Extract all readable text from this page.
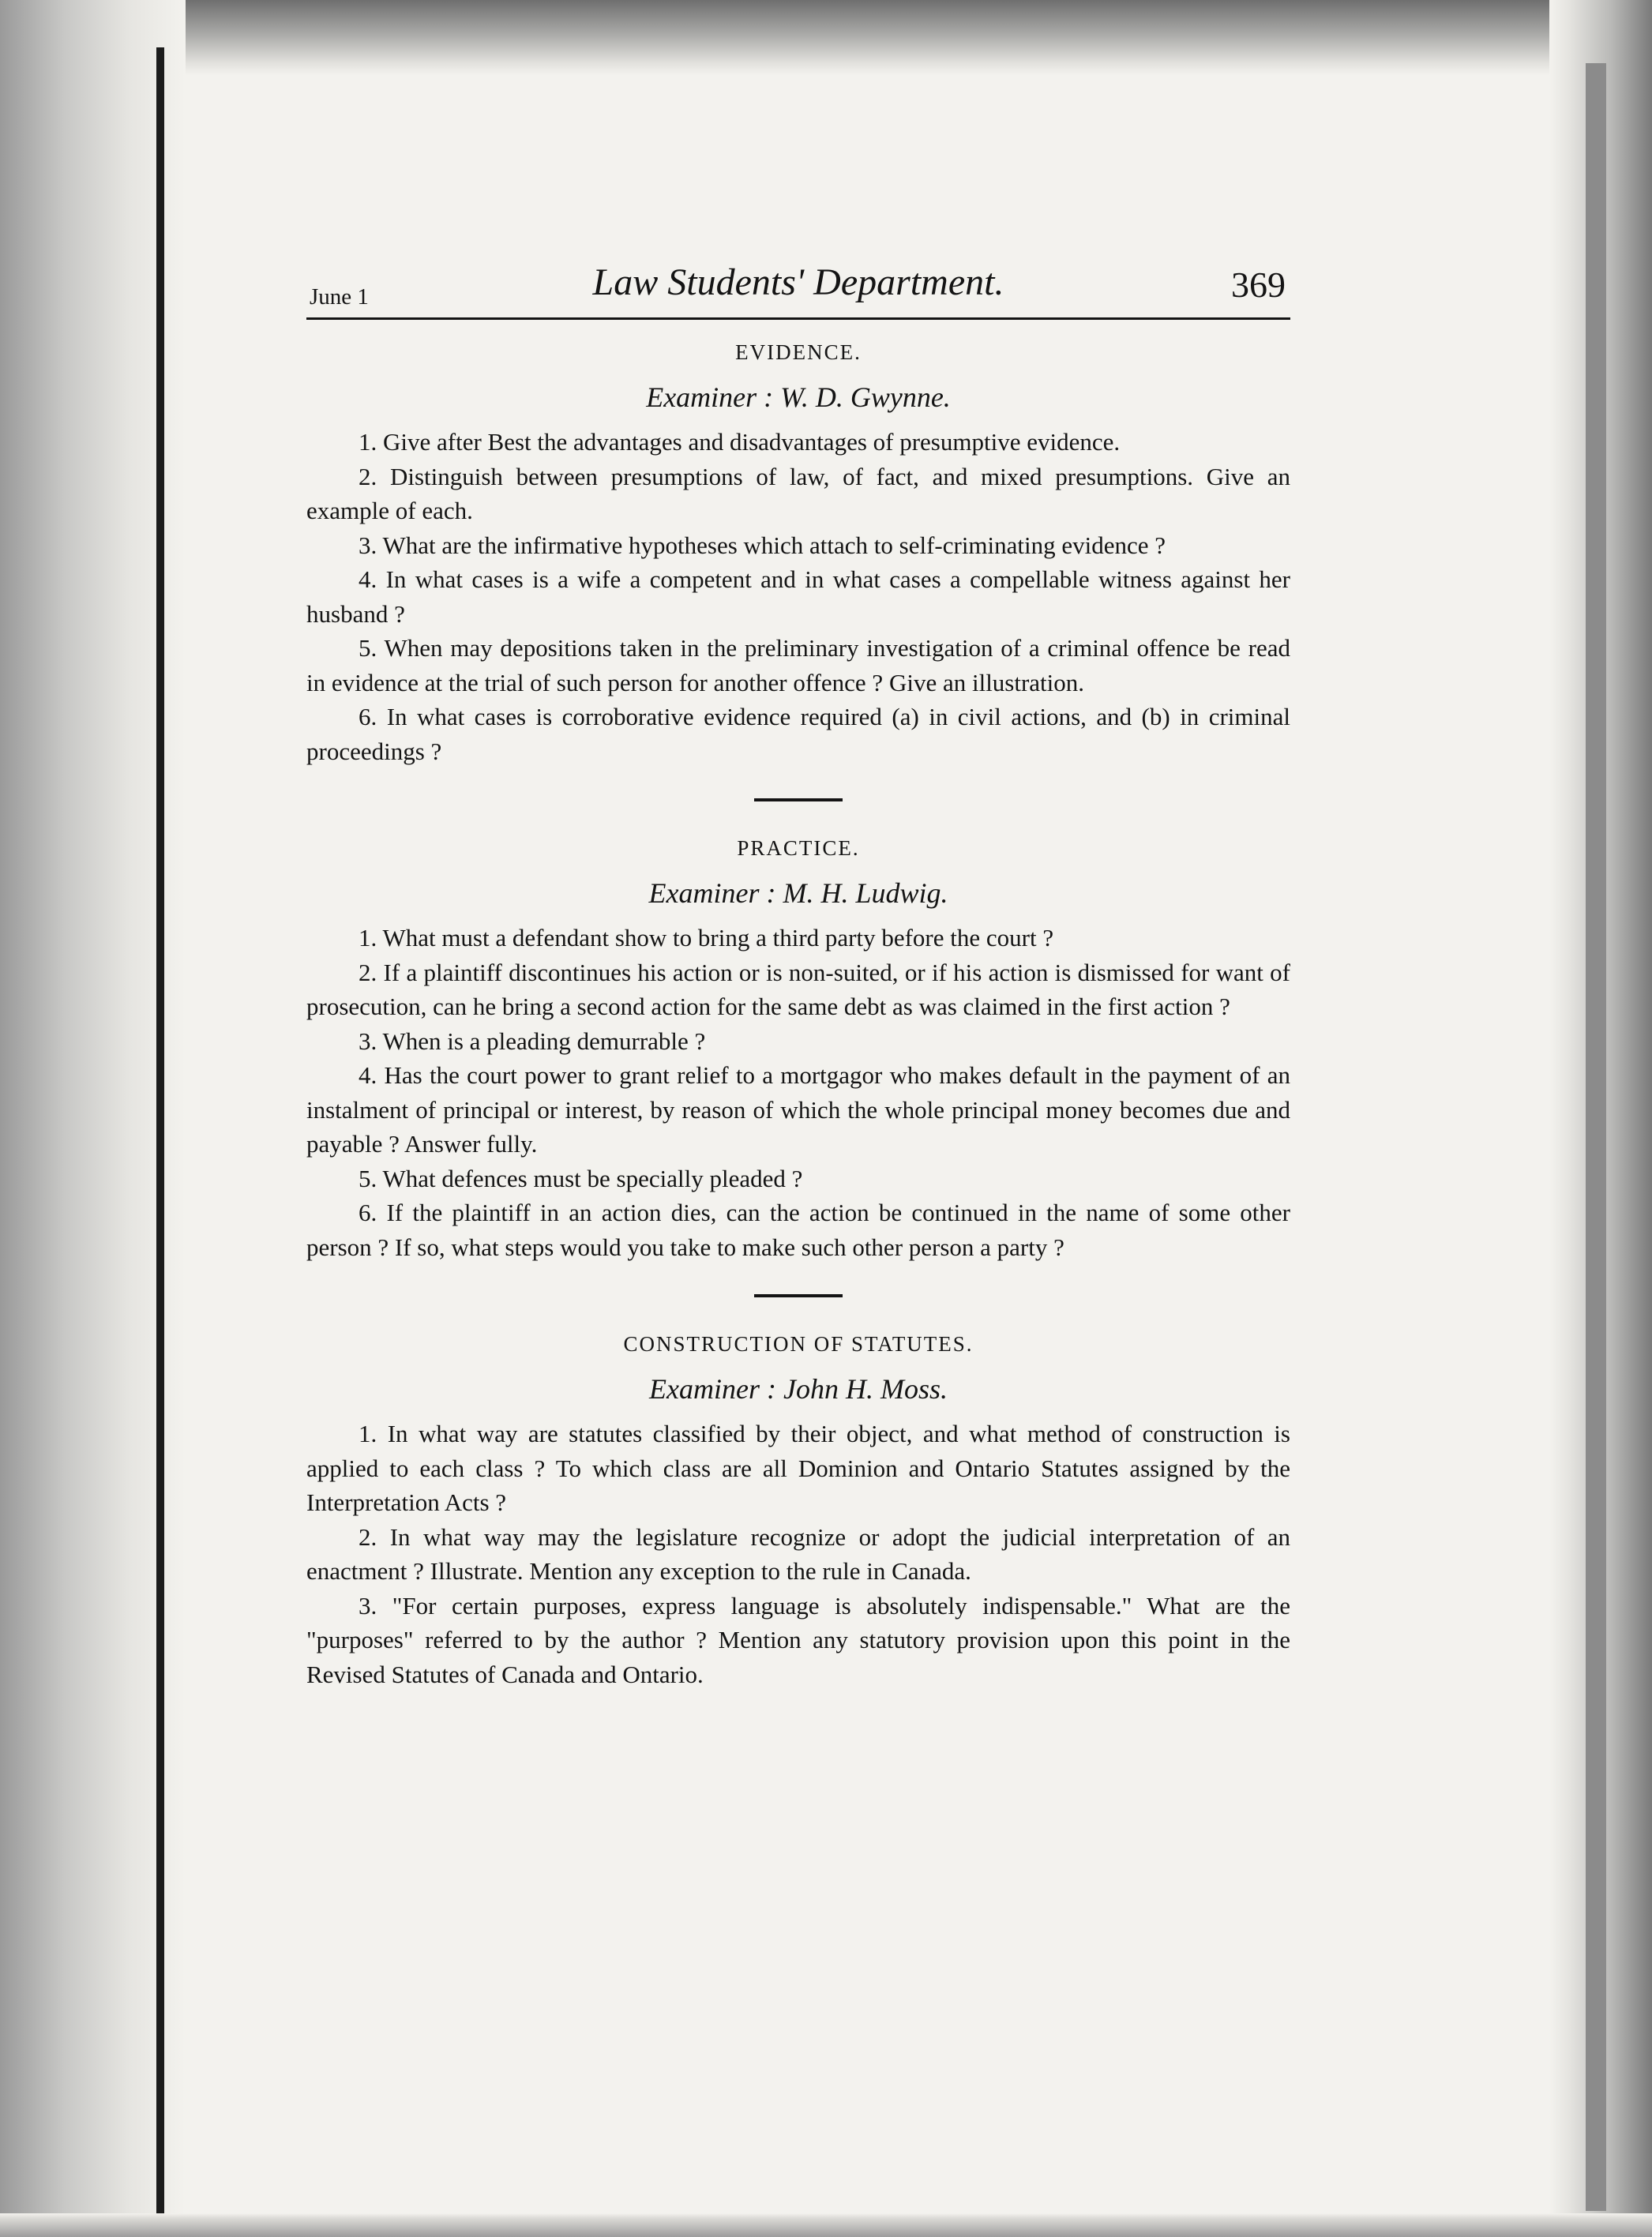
June 1	Law Students' Department.	369
EVIDENCE.
Examiner : W. D. Gwynne.

1. Give after Best the advantages and disadvantages of presumptive evidence.

2. Distinguish between presumptions of law, of fact, and mixed presumptions. Give an example of each.

3. What are the infirmative hypotheses which attach to self-criminating evidence ?

4. In what cases is a wife a competent and in what cases a compellable witness against her husband ?

5. When may depositions taken in the preliminary investigation of a criminal offence be read in evidence at the trial of such person for another offence ? Give an illustration.

6. In what cases is corroborative evidence required (a) in civil actions, and (b) in criminal proceedings ?

PRACTICE.
Examiner : M. H. Ludwig.

1. What must a defendant show to bring a third party before the court ?

2. If a plaintiff discontinues his action or is non-suited, or if his action is dismissed for want of prosecution, can he bring a second action for the same debt as was claimed in the first action ?

3. When is a pleading demurrable ?

4. Has the court power to grant relief to a mortgagor who makes default in the payment of an instalment of principal or interest, by reason of which the whole principal money becomes due and payable ? Answer fully.

5. What defences must be specially pleaded ?

6. If the plaintiff in an action dies, can the action be continued in the name of some other person ? If so, what steps would you take to make such other person a party ?

CONSTRUCTION OF STATUTES.
Examiner : John H. Moss.

1. In what way are statutes classified by their object, and what method of construction is applied to each class ? To which class are all Dominion and Ontario Statutes assigned by the Interpretation Acts ?

2. In what way may the legislature recognize or adopt the judicial interpretation of an enactment ? Illustrate. Mention any exception to the rule in Canada.

3. "For certain purposes, express language is absolutely indispensable." What are the "purposes" referred to by the author ? Mention any statutory provision upon this point in the Revised Statutes of Canada and Ontario.
